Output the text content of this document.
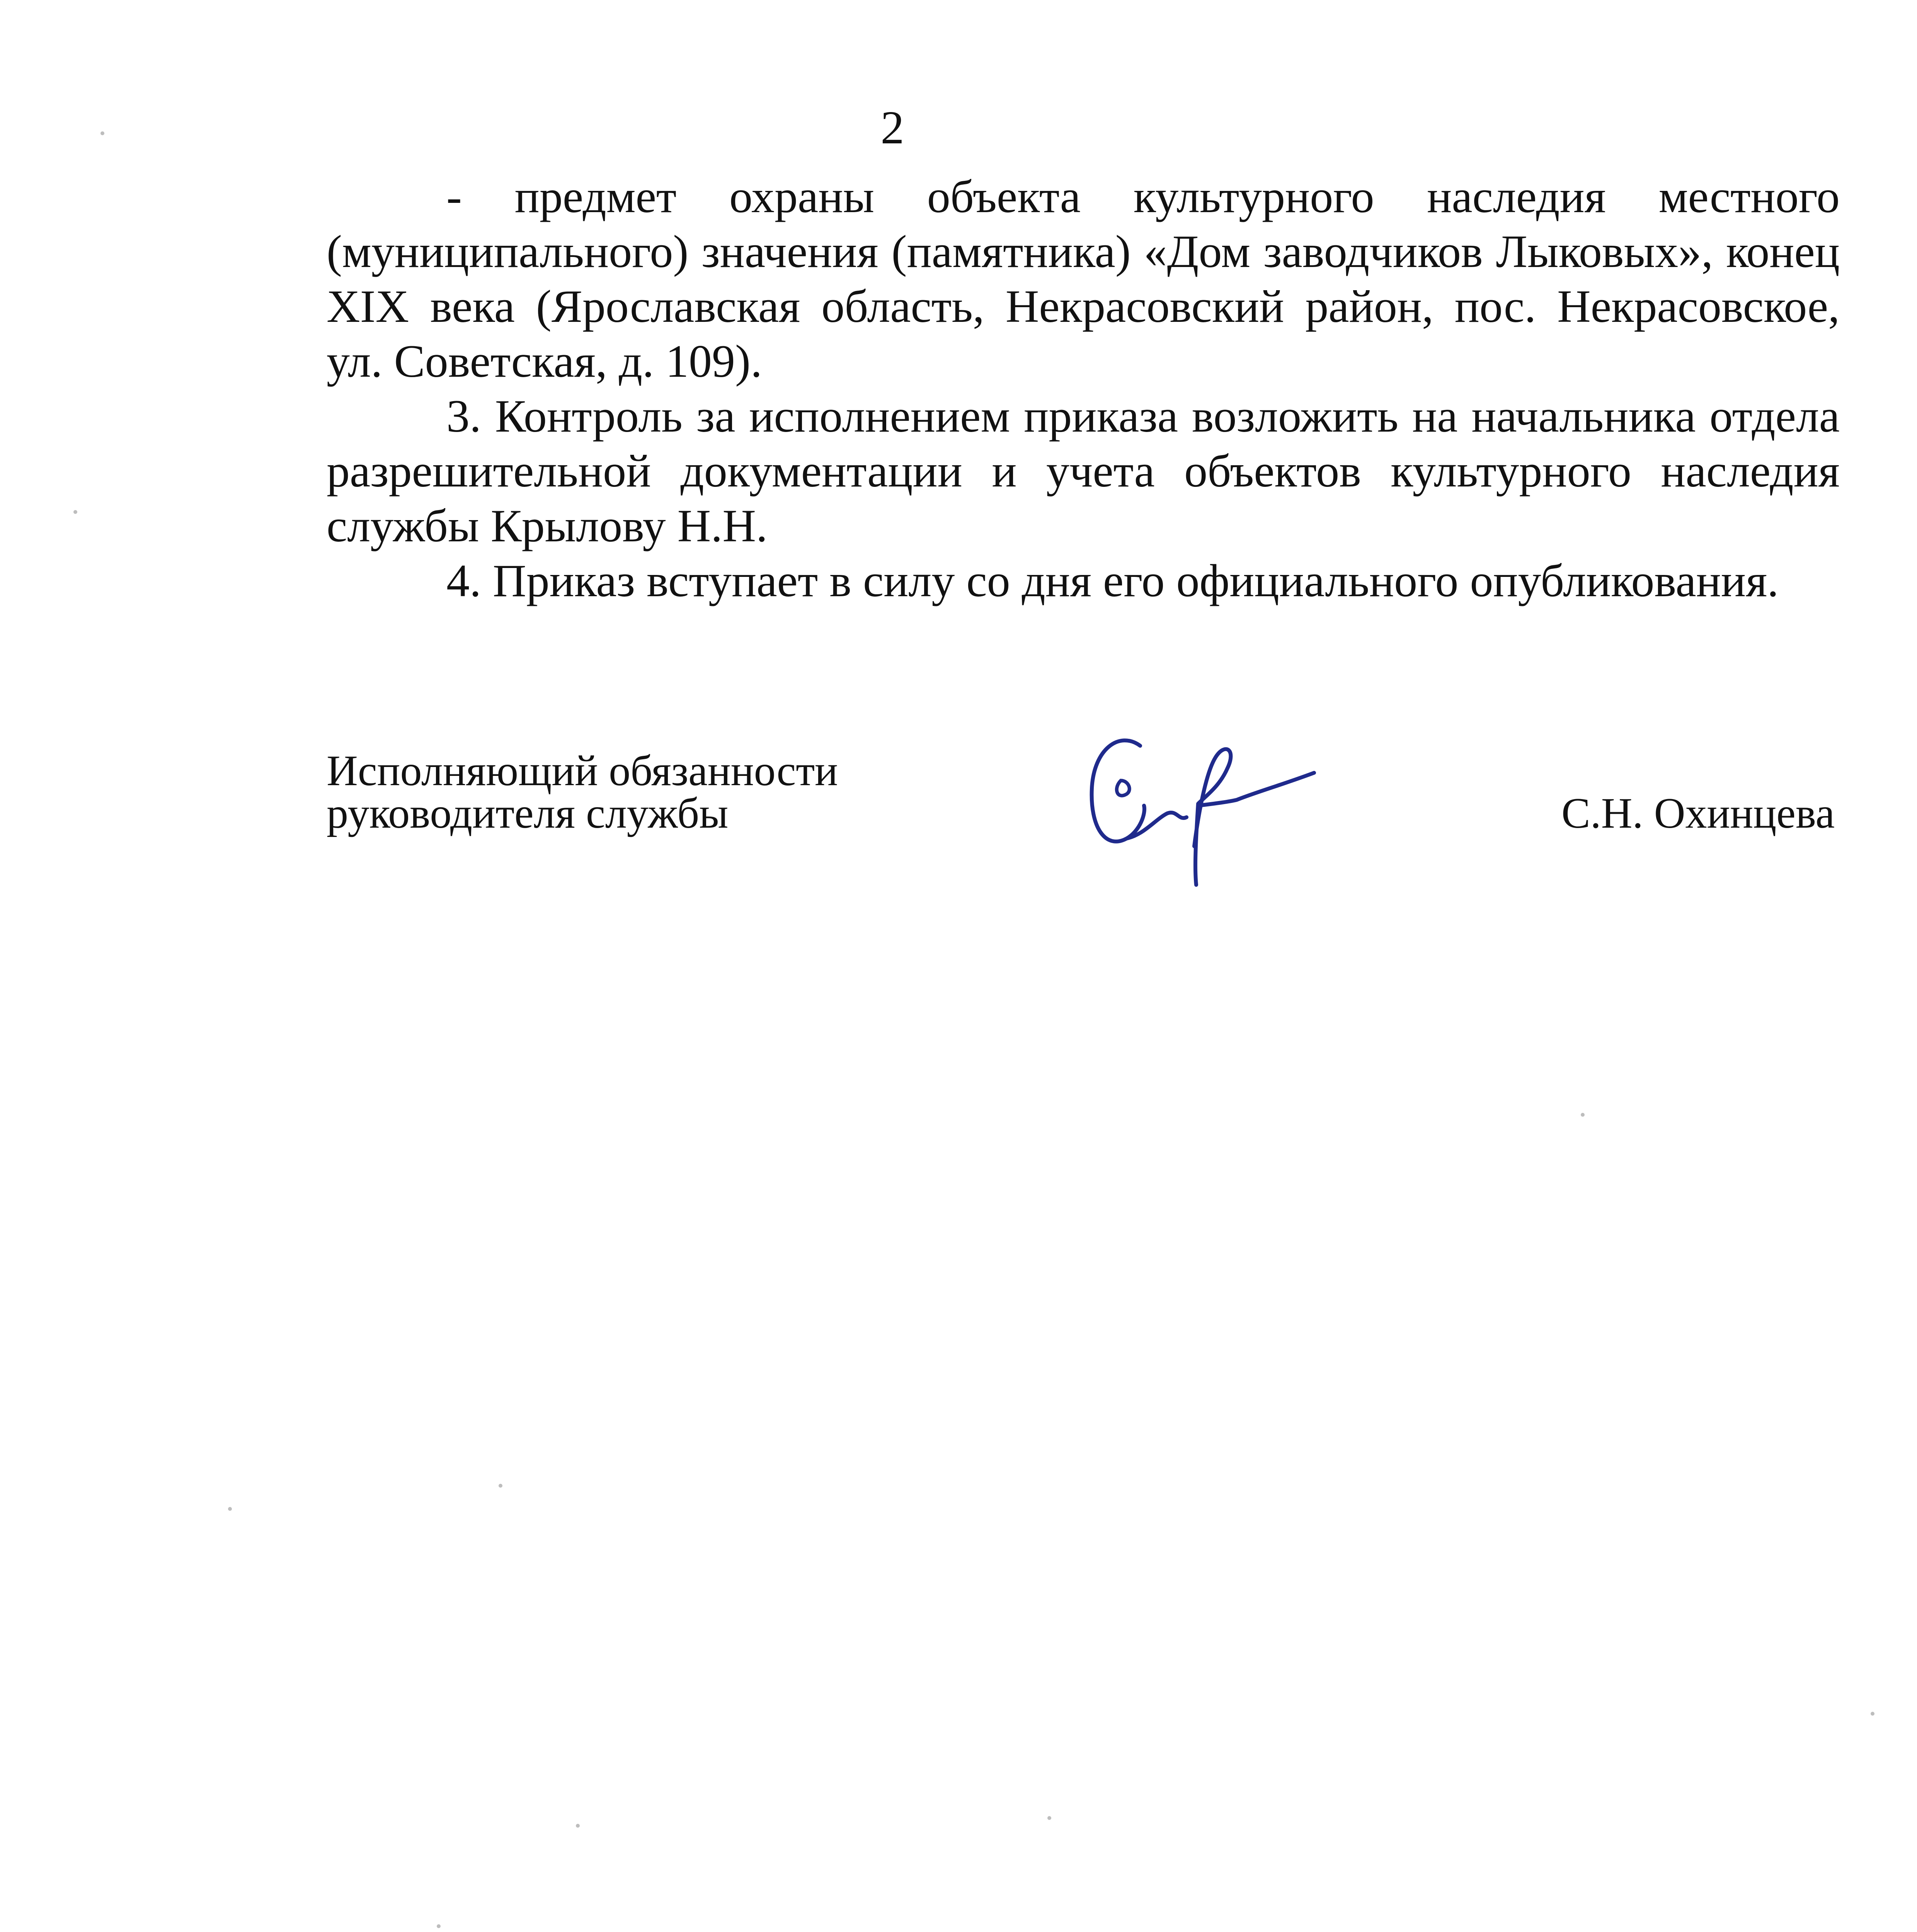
2

- предмет охраны объекта культурного наследия местного (муниципального) значения (памятника) «Дом заводчиков Лыковых», конец XIX века (Ярославская область, Некрасовский район, пос. Некрасовское, ул. Советская, д. 109).

3. Контроль за исполнением приказа возложить на начальника отдела разрешительной документации и учета объектов культурного наследия службы Крылову Н.Н.

4. Приказ вступает в силу со дня его официального опубликования.

Исполняющий обязанности
руководителя службы	С.Н. Охинцева
